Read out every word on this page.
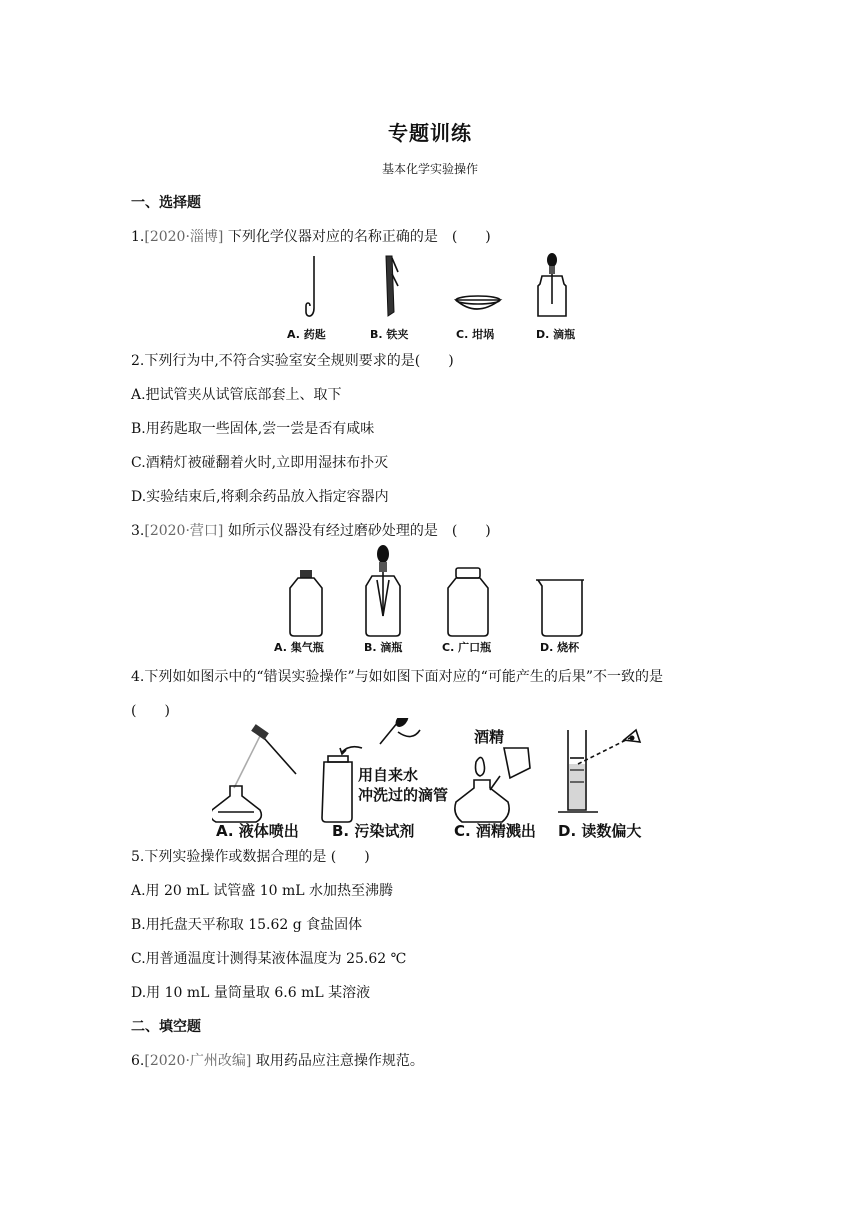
专题训练
基本化学实验操作
一、选择题
1.[2020·淄博] 下列化学仪器对应的名称正确的是　(　　)
A. 药匙	B. 铁夹	C. 坩埚	D. 滴瓶
2.下列行为中,不符合实验室安全规则要求的是(　　)
A.把试管夹从试管底部套上、取下
B.用药匙取一些固体,尝一尝是否有咸味
C.酒精灯被碰翻着火时,立即用湿抹布扑灭
D.实验结束后,将剩余药品放入指定容器内
3.[2020·营口] 如所示仪器没有经过磨砂处理的是　(　　)
A. 集气瓶	B. 滴瓶	C. 广口瓶	D. 烧杯
4.下列如如图示中的“错误实验操作”与如如图下面对应的“可能产生的后果”不一致的是
(　　)
用自来水
冲洗过的滴管
酒精
A. 液体喷出 B. 污染试剂	C. 酒精溅出 D. 读数偏大
5.下列实验操作或数据合理的是 (　　)
A.用 20 mL 试管盛 10 mL 水加热至沸腾
B.用托盘天平称取 15.62 g 食盐固体
C.用普通温度计测得某液体温度为 25.62 ℃
D.用 10 mL 量筒量取 6.6 mL 某溶液
二、填空题
6.[2020·广州改编] 取用药品应注意操作规范。
